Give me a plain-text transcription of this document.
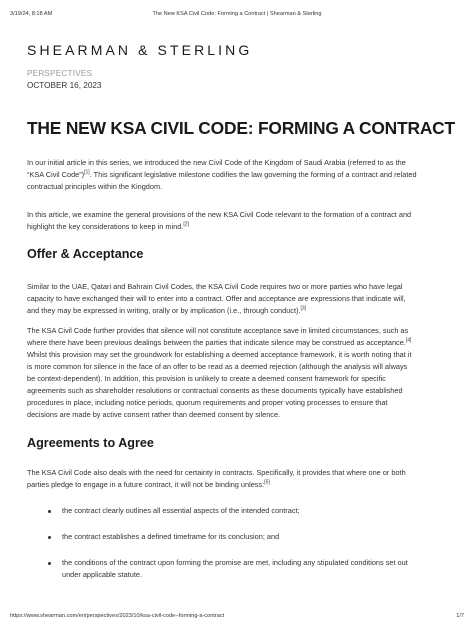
3/19/24, 8:18 AM	The New KSA Civil Code: Forming a Contract | Shearman & Sterling
SHEARMAN & STERLING
PERSPECTIVES
OCTOBER 16, 2023
THE NEW KSA CIVIL CODE: FORMING A CONTRACT
In our initial article in this series, we introduced the new Civil Code of the Kingdom of Saudi Arabia (referred to as the
“KSA Civil Code”)[1]. This significant legislative milestone codifies the law governing the forming of a contract and related
contractual principles within the Kingdom.
In this article, we examine the general provisions of the new KSA Civil Code relevant to the formation of a contract and
highlight the key considerations to keep in mind.[2]
Offer & Acceptance
Similar to the UAE, Qatari and Bahrain Civil Codes, the KSA Civil Code requires two or more parties who have legal
capacity to have exchanged their will to enter into a contract. Offer and acceptance are expressions that indicate will,
and they may be expressed in writing, orally or by implication (i.e., through conduct).[3]
The KSA Civil Code further provides that silence will not constitute acceptance save in limited circumstances, such as
where there have been previous dealings between the parties that indicate silence may be construed as acceptance.[4]
Whilst this provision may set the groundwork for establishing a deemed acceptance framework, it is worth noting that it
is more common for silence in the face of an offer to be read as a deemed rejection (although the analysis will always
be context-dependent). In addition, this provision is unlikely to create a deemed consent framework for specific
agreements such as shareholder resolutions or contractual consents as these documents typically have established
procedures in place, including notice periods, quorum requirements and proper voting processes to ensure that
decisions are made by active consent rather than deemed consent by silence.
Agreements to Agree
The KSA Civil Code also deals with the need for certainty in contracts. Specifically, it provides that where one or both
parties pledge to engage in a future contract, it will not be binding unless:[5]
the contract clearly outlines all essential aspects of the intended contract;
the contract establishes a defined timeframe for its conclusion; and
the conditions of the contract upon forming the promise are met, including any stipulated conditions set out
under applicable statute.
https://www.shearman.com/en/perspectives/2023/10/ksa-civil-code--forming-a-contract	1/7
